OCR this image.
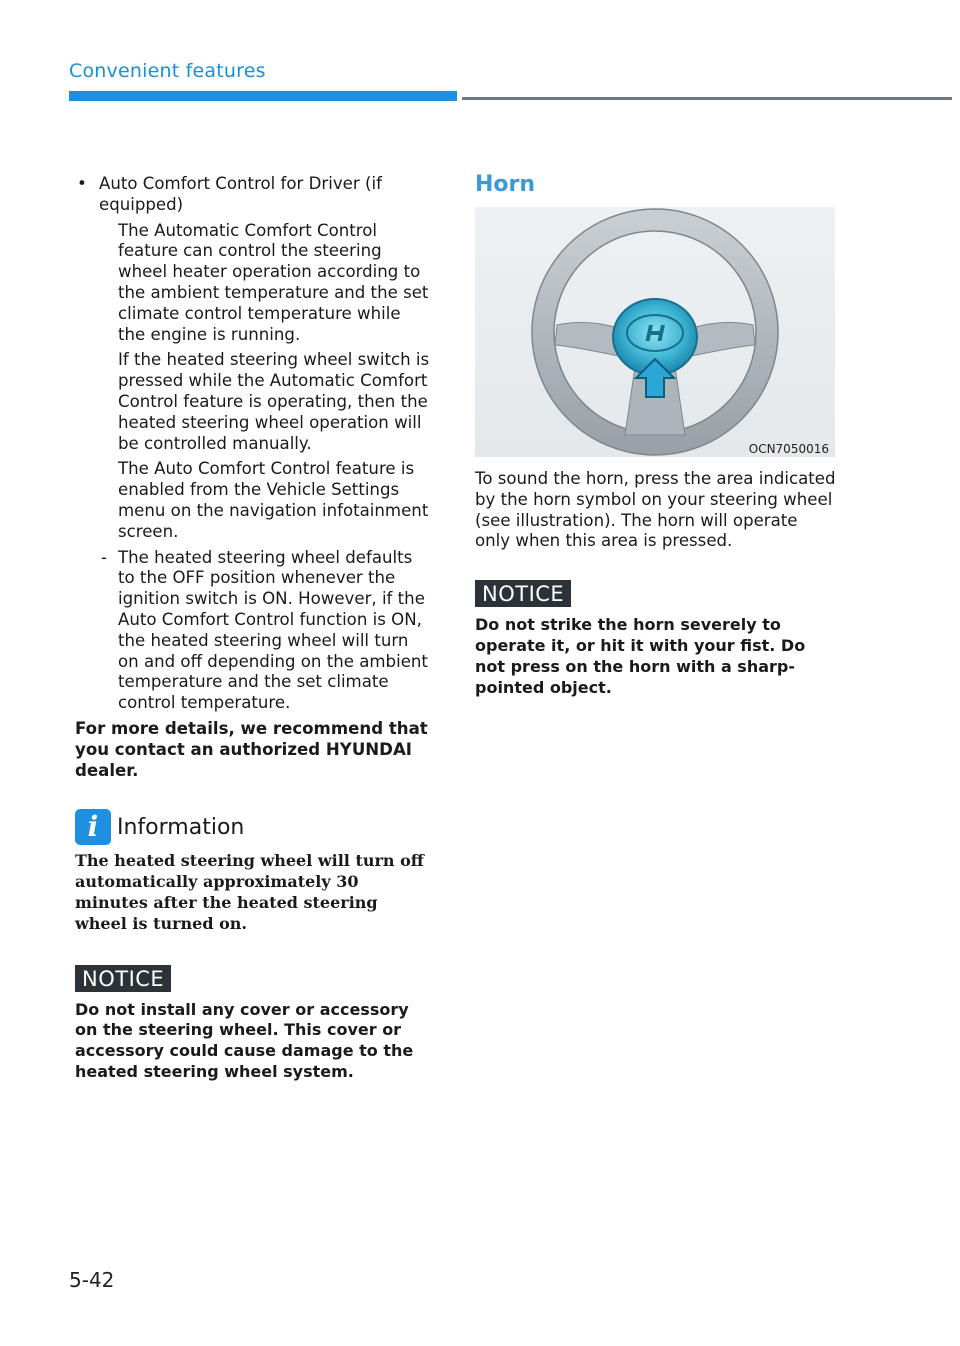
Convenient features
• Auto Comfort Control for Driver (if equipped)
The Automatic Comfort Control feature can control the steering wheel heater operation according to the ambient temperature and the set climate control temperature while the engine is running.
If the heated steering wheel switch is pressed while the Automatic Comfort Control feature is operating, then the heated steering wheel operation will be controlled manually.
The Auto Comfort Control feature is enabled from the Vehicle Settings menu on the navigation infotainment screen.
- The heated steering wheel defaults to the OFF position whenever the ignition switch is ON. However, if the Auto Comfort Control function is ON, the heated steering wheel will turn on and off depending on the ambient temperature and the set climate control temperature.
For more details, we recommend that you contact an authorized HYUNDAI dealer.
i Information
The heated steering wheel will turn off automatically approximately 30 minutes after the heated steering wheel is turned on.
NOTICE
Do not install any cover or accessory on the steering wheel. This cover or accessory could cause damage to the heated steering wheel system.
Horn
OCN7050016
To sound the horn, press the area indicated by the horn symbol on your steering wheel (see illustration). The horn will operate only when this area is pressed.
NOTICE
Do not strike the horn severely to operate it, or hit it with your fist. Do not press on the horn with a sharp-pointed object.
5-42
